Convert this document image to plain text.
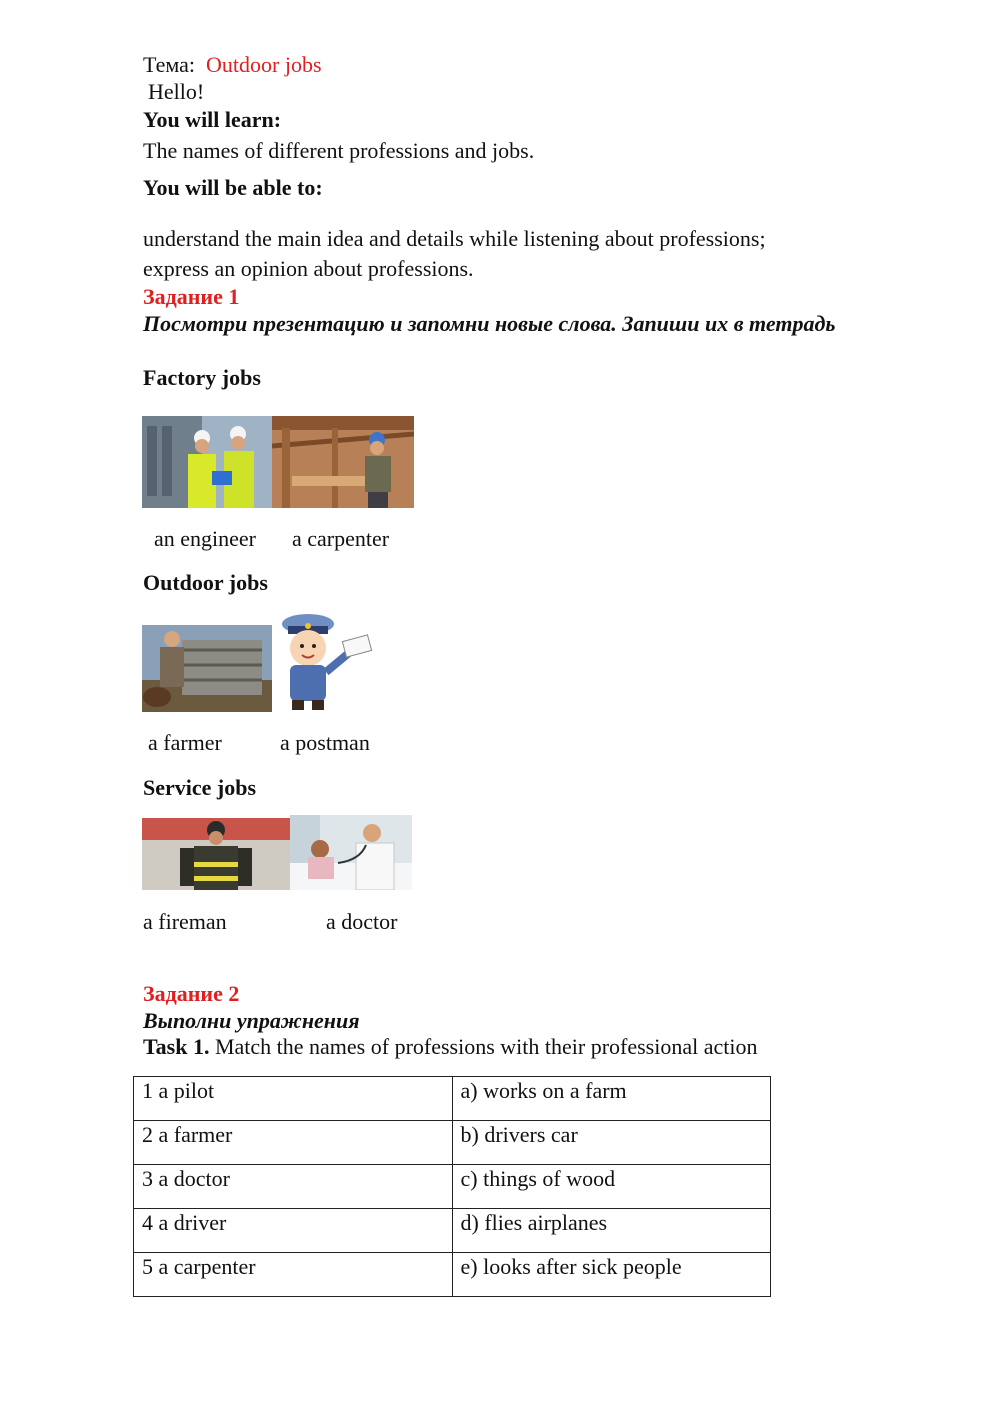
Тема: Outdoor jobs
Hello!
You will learn:
The names of different professions and jobs.
You will be able to:
understand the main idea and details while listening about professions;
express an opinion about professions.
Задание 1
Посмотри презентацию и запомни новые слова. Запиши их в тетрадь
Factory jobs
an engineer a carpenter
Outdoor jobs
a farmer	a postman
Service jobs
a fireman	a doctor
Задание 2
Выполни упражнения
Task 1. Match the names of professions with their professional action
1 a pilot	a) works on a farm
2 a farmer	b) drivers car
3 a doctor	c) things of wood
4 a driver	d) flies airplanes
5 a carpenter	e) looks after sick people
